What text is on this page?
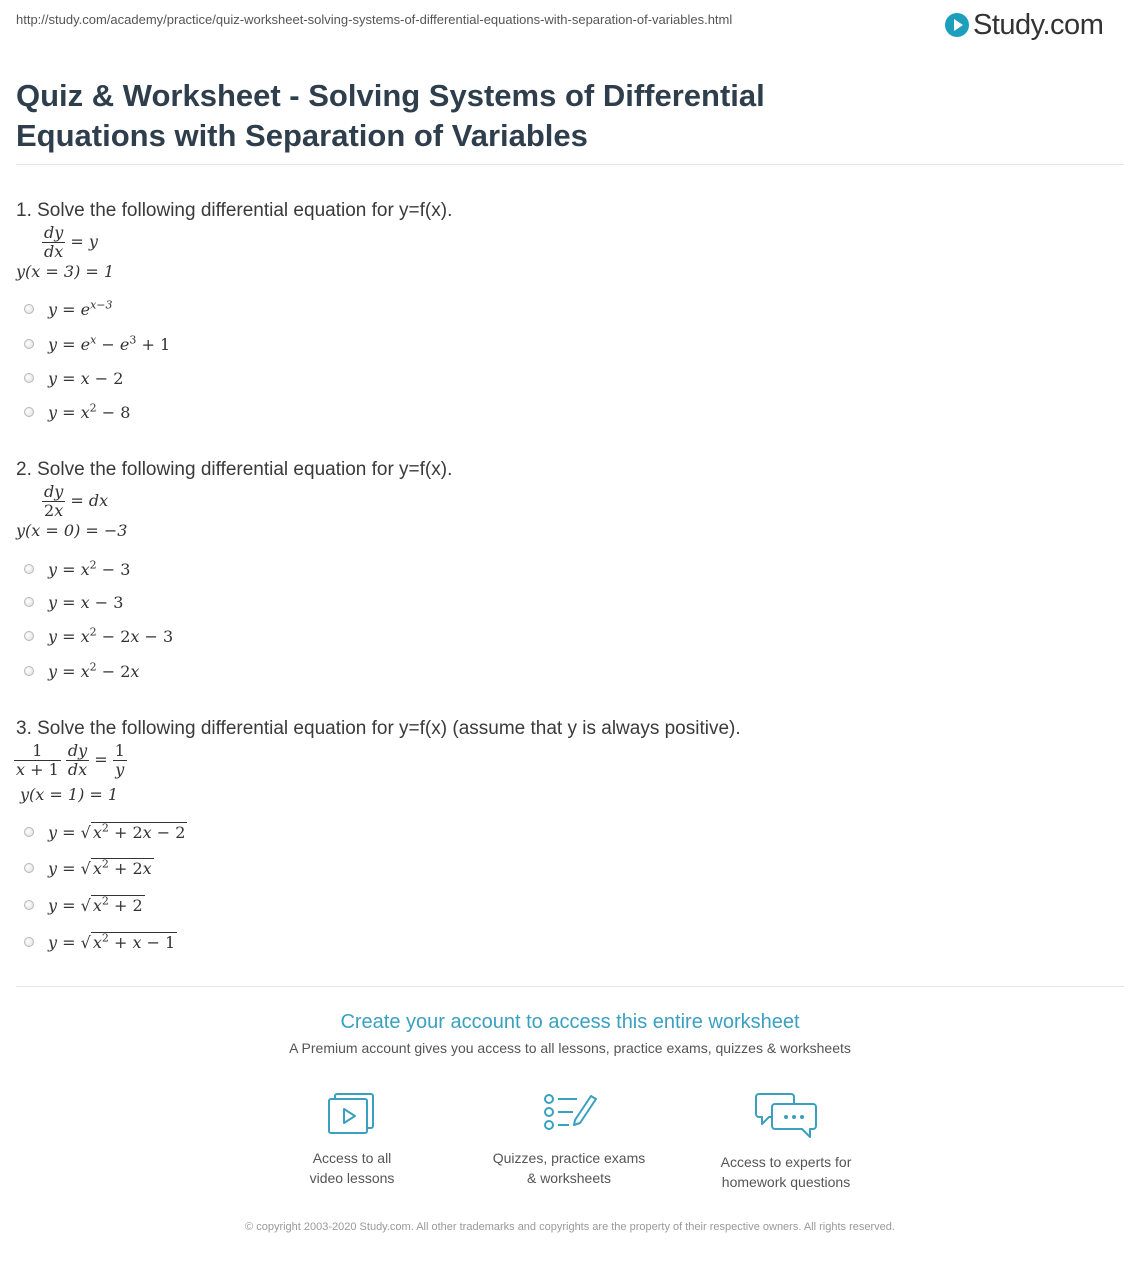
http://study.com/academy/practice/quiz-worksheet-solving-systems-of-differential-equations-with-separation-of-variables.html	Study.com
Quiz & Worksheet - Solving Systems of Differential Equations with Separation of Variables
1. Solve the following differential equation for y=f(x).
$\frac{dy}{dx} = y$
y(x = 3) = 1
$y = e^{x-3}$
$y = e^x - e^3 + 1$
y = x − 2
$y = x^2 - 8$
2. Solve the following differential equation for y=f(x).
$\frac{dy}{2x}$ = dx
y(x = 0) = −3
$y = x^2 - 3$
y = x − 3
$y = x^2 - 2x - 3$
$y = x^2 - 2x$
3. Solve the following differential equation for y=f(x) (assume that y is always positive).
$\frac{1}{x + 1}$
$\frac{dy}{dx} = \frac{1}{y}$
y(x = 1) = 1
y = √ $x^2 + 2x - 2$
y = √ $x^2 + 2x$
y = √ $x^2 + 2$
y = √ $x^2 + x - 1$
Create your account to access this entire worksheet
A Premium account gives you access to all lessons, practice exams, quizzes & worksheets
Access to all
video lessons
Quizzes, practice exams
& worksheets
Access to experts for
homework questions
© copyright 2003-2020 Study.com. All other trademarks and copyrights are the property of their respective owners. All rights reserved.
